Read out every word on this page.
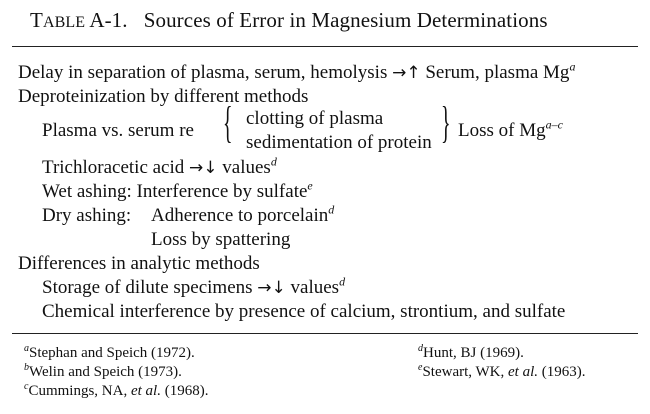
TABLE A-1. Sources of Error in Magnesium Determinations
Delay in separation of plasma, serum, hemolysis →↑ Serum, plasma Mg$^a$
Deproteinization by different methods
Plasma vs. serum re { clotting of plasma
sedimentation of protein } Loss of Mg$^{a-c}$
Trichloracetic acid →↓ values$^d$
Wet ashing: Interference by sulfate$^e$
Dry ashing: Adherence to porcelain$^d$
Loss by spattering
Differences in analytic methods
Storage of dilute specimens →↓ values$^d$
Chemical interference by presence of calcium, strontium, and sulfate
$^a$Stephan and Speich (1972).
$^b$Welin and Speich (1973).
$^c$Cummings, NA, et al. (1968).
$^d$Hunt, BJ (1969).
$^e$Stewart, WK, et al. (1963).
